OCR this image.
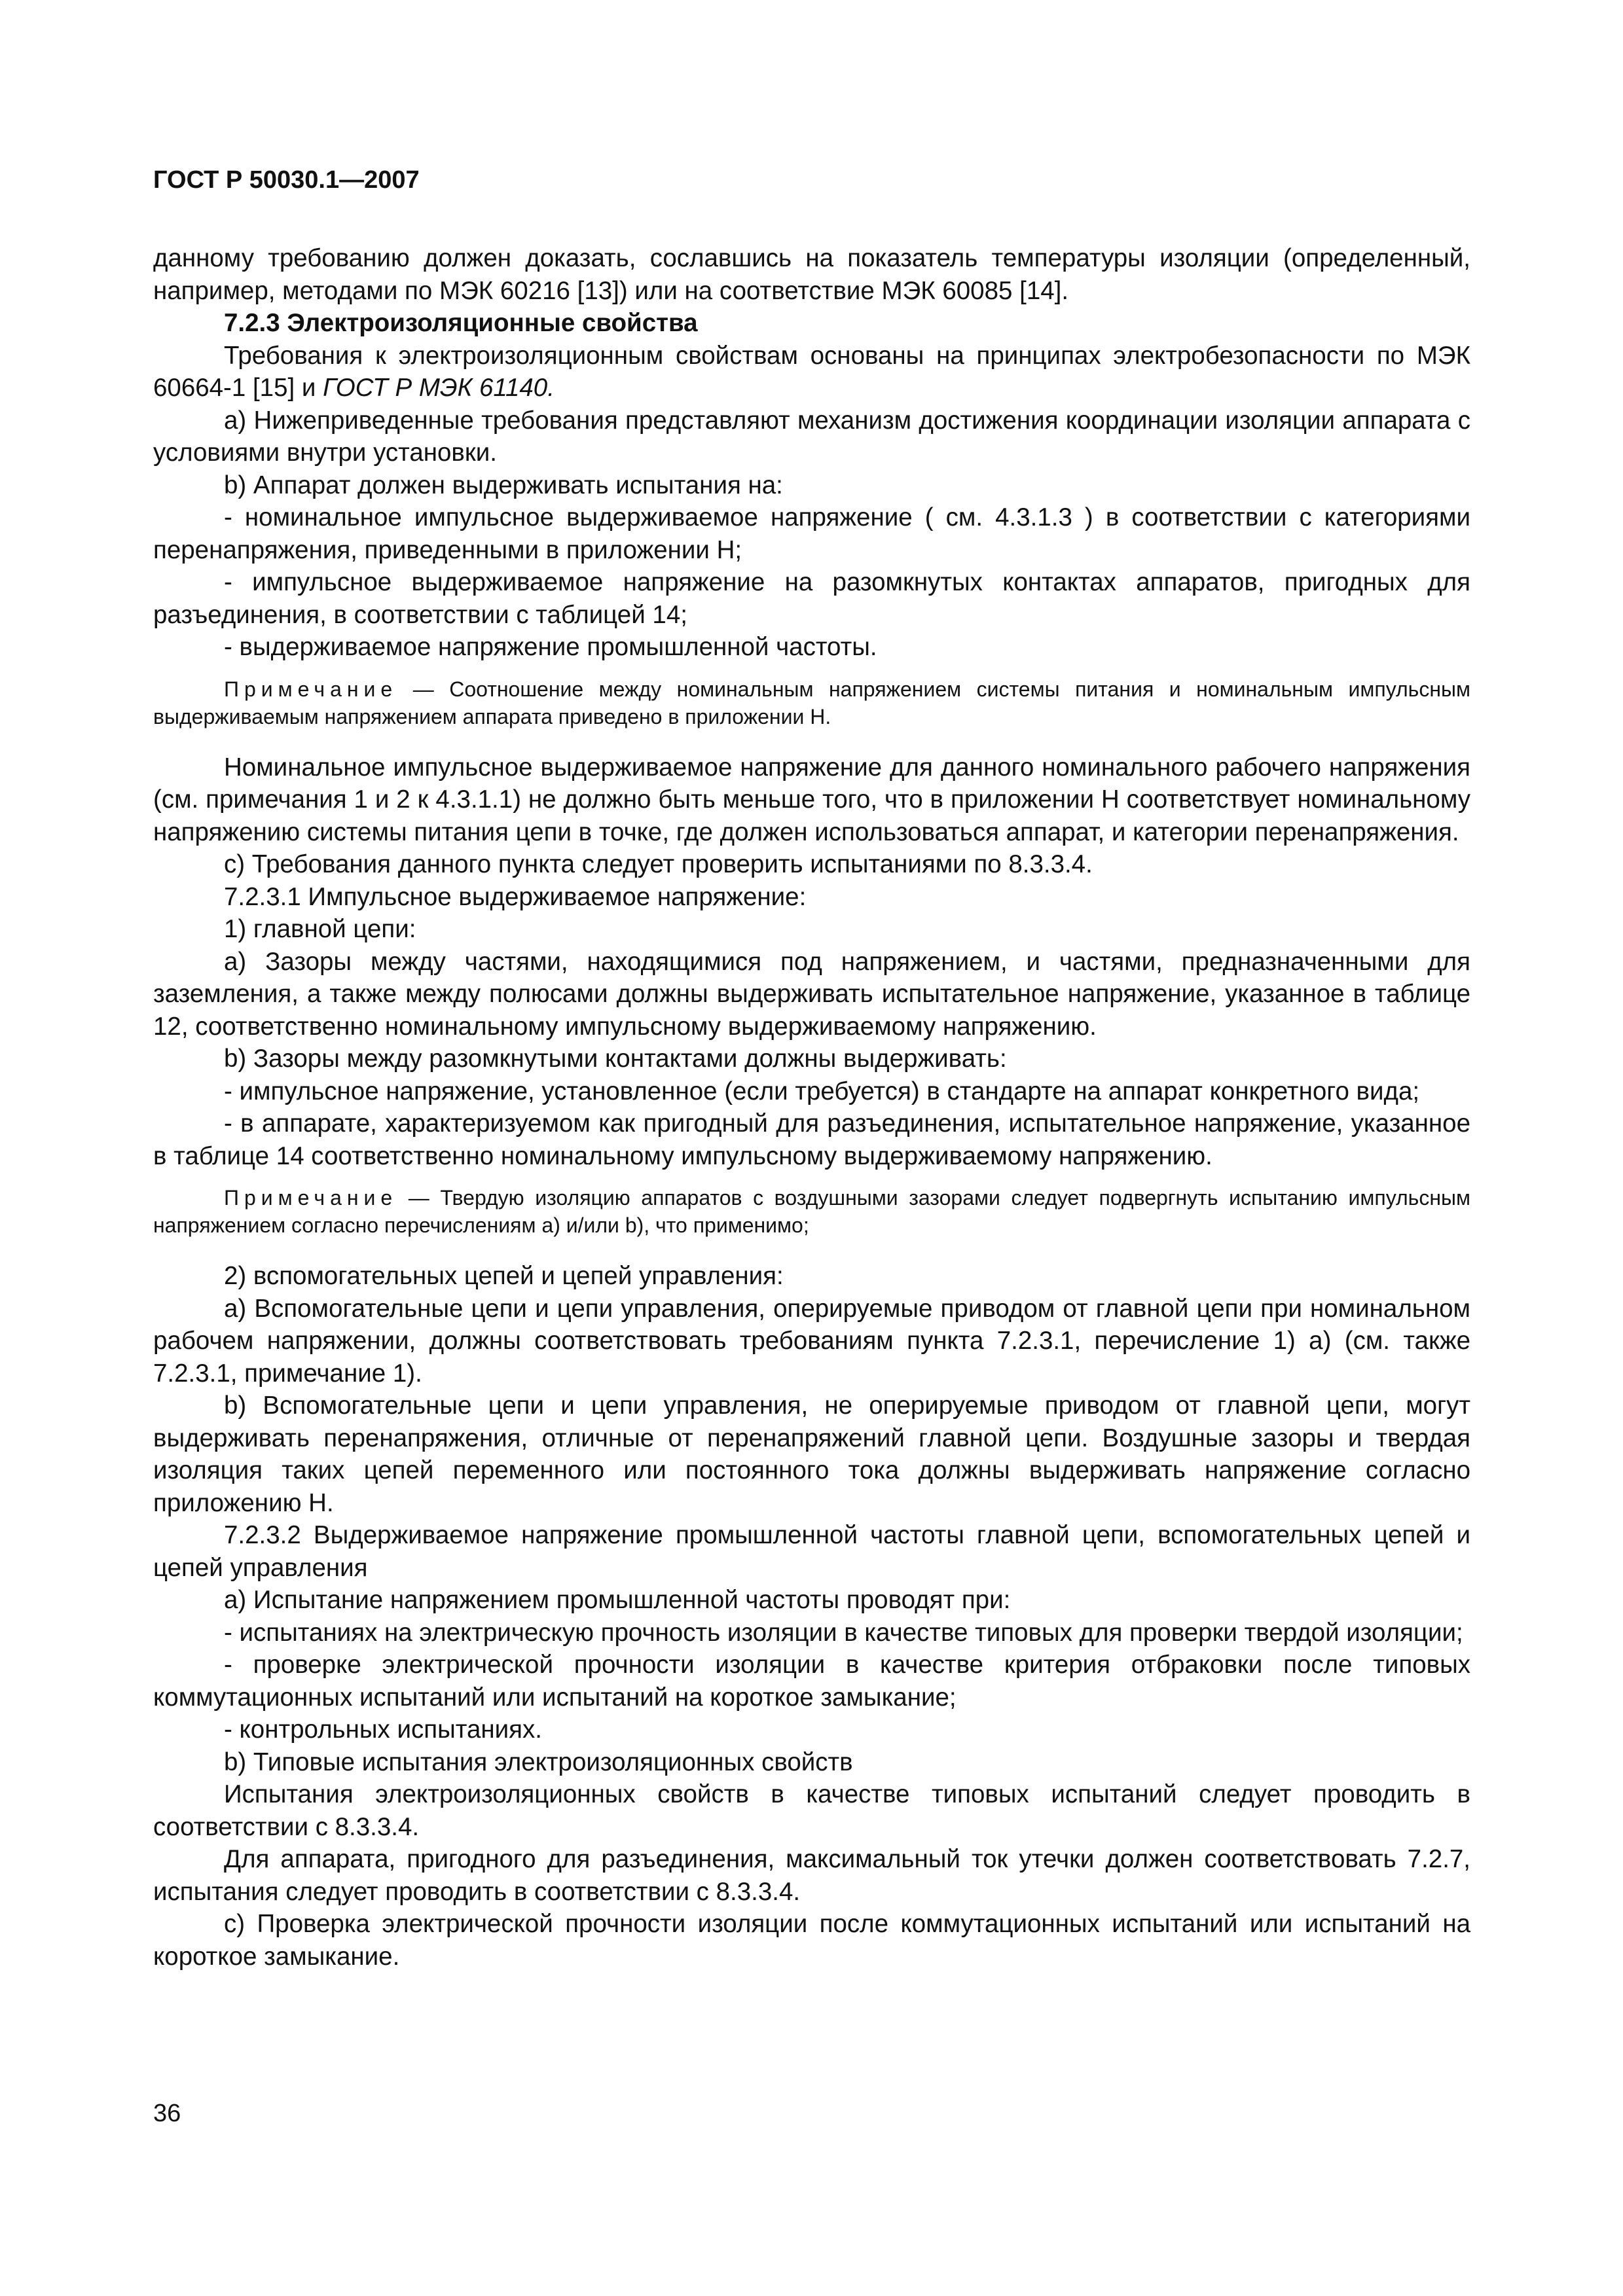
ГОСТ Р 50030.1—2007

данному требованию должен доказать, сославшись на показатель температуры изоляции (определенный, например, методами по МЭК 60216 [13]) или на соответствие МЭК 60085 [14].

7.2.3 Электроизоляционные свойства

Требования к электроизоляционным свойствам основаны на принципах электробезопасности по МЭК 60664-1 [15] и ГОСТ Р МЭК 61140.

а) Нижеприведенные требования представляют механизм достижения координации изоляции аппарата с условиями внутри установки.

b) Аппарат должен выдерживать испытания на:

- номинальное импульсное выдерживаемое напряжение ( см. 4.3.1.3 ) в соответствии с категориями перенапряжения, приведенными в приложении Н;

- импульсное выдерживаемое напряжение на разомкнутых контактах аппаратов, пригодных для разъединения, в соответствии с таблицей 14;

- выдерживаемое напряжение промышленной частоты.

Примечание — Соотношение между номинальным напряжением системы питания и номинальным импульсным выдерживаемым напряжением аппарата приведено в приложении Н.

Номинальное импульсное выдерживаемое напряжение для данного номинального рабочего напряжения (см. примечания 1 и 2 к 4.3.1.1) не должно быть меньше того, что в приложении Н соответствует номинальному напряжению системы питания цепи в точке, где должен использоваться аппарат, и категории перенапряжения.

с) Требования данного пункта следует проверить испытаниями по 8.3.3.4.

7.2.3.1 Импульсное выдерживаемое напряжение:

1) главной цепи:

а) Зазоры между частями, находящимися под напряжением, и частями, предназначенными для заземления, а также между полюсами должны выдерживать испытательное напряжение, указанное в таблице 12, соответственно номинальному импульсному выдерживаемому напряжению.

b) Зазоры между разомкнутыми контактами должны выдерживать:

- импульсное напряжение, установленное (если требуется) в стандарте на аппарат конкретного вида;

- в аппарате, характеризуемом как пригодный для разъединения, испытательное напряжение, указанное в таблице 14 соответственно номинальному импульсному выдерживаемому напряжению.

Примечание — Твердую изоляцию аппаратов с воздушными зазорами следует подвергнуть испытанию импульсным напряжением согласно перечислениям а) и/или b), что применимо;

2) вспомогательных цепей и цепей управления:

а) Вспомогательные цепи и цепи управления, оперируемые приводом от главной цепи при номинальном рабочем напряжении, должны соответствовать требованиям пункта 7.2.3.1, перечисление 1) а) (см. также 7.2.3.1, примечание 1).

b) Вспомогательные цепи и цепи управления, не оперируемые приводом от главной цепи, могут выдерживать перенапряжения, отличные от перенапряжений главной цепи. Воздушные зазоры и твердая изоляция таких цепей переменного или постоянного тока должны выдерживать напряжение согласно приложению Н.

7.2.3.2 Выдерживаемое напряжение промышленной частоты главной цепи, вспомогательных цепей и цепей управления

а) Испытание напряжением промышленной частоты проводят при:

- испытаниях на электрическую прочность изоляции в качестве типовых для проверки твердой изоляции;

- проверке электрической прочности изоляции в качестве критерия отбраковки после типовых коммутационных испытаний или испытаний на короткое замыкание;

- контрольных испытаниях.

b) Типовые испытания электроизоляционных свойств

Испытания электроизоляционных свойств в качестве типовых испытаний следует проводить в соответствии с 8.3.3.4.

Для аппарата, пригодного для разъединения, максимальный ток утечки должен соответствовать 7.2.7, испытания следует проводить в соответствии с 8.3.3.4.

с) Проверка электрической прочности изоляции после коммутационных испытаний или испытаний на короткое замыкание.

36
